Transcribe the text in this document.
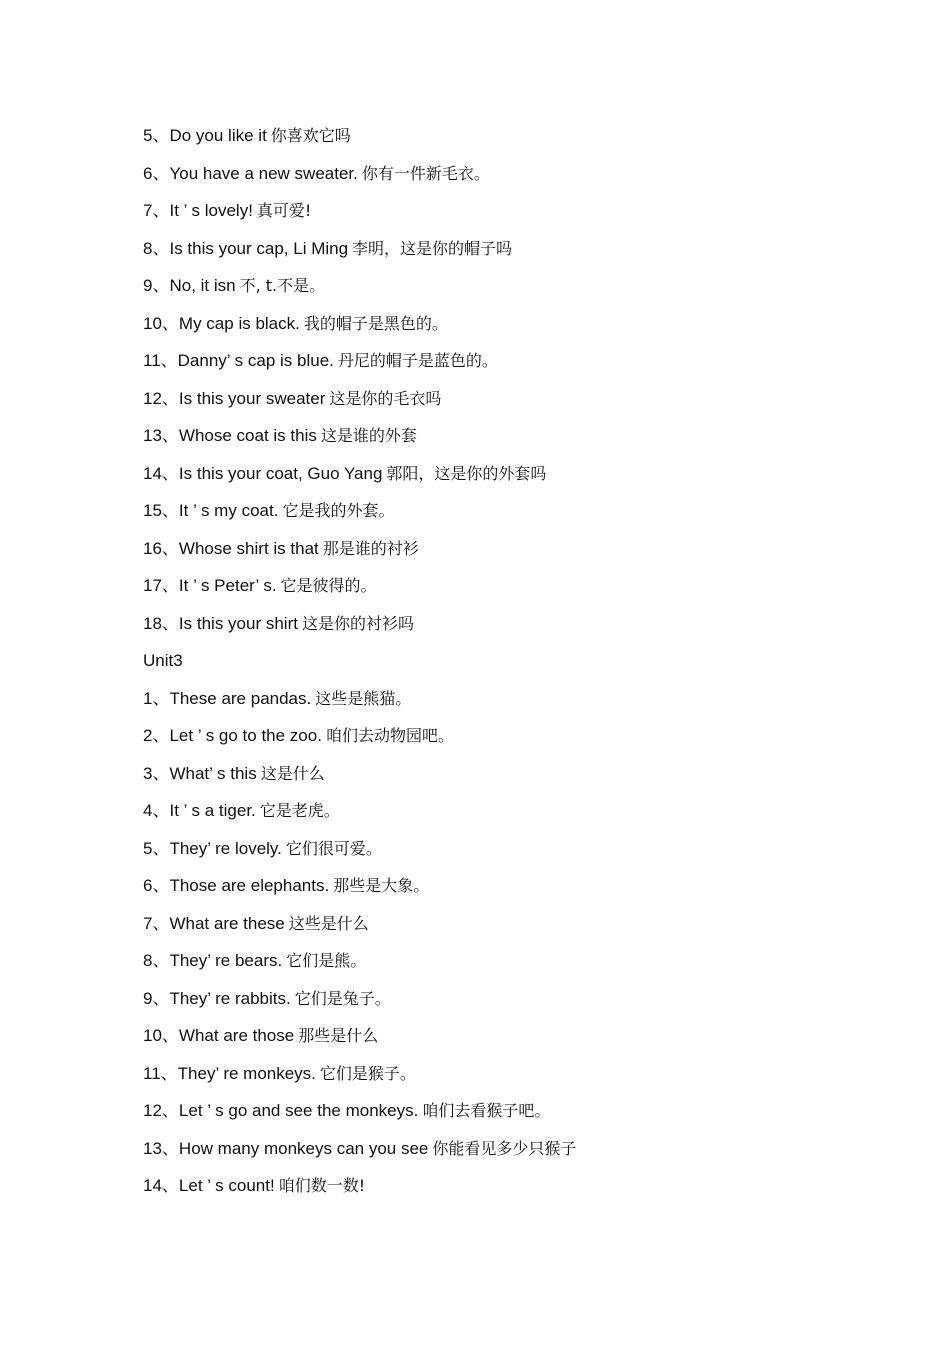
5、Do you like it 你喜欢它吗
6、You have a new sweater. 你有一件新毛衣。
7、It ’ s lovely! 真可爱!
8、Is this your cap, Li Ming 李明，这是你的帽子吗
9、No, it isn 不, t.不是。
10、My cap is black. 我的帽子是黑色的。
11、Danny’ s cap is blue. 丹尼的帽子是蓝色的。
12、Is this your sweater 这是你的毛衣吗
13、Whose coat is this 这是谁的外套
14、Is this your coat, Guo Yang 郭阳，这是你的外套吗
15、It ’ s my coat. 它是我的外套。
16、Whose shirt is that 那是谁的衬衫
17、It ’ s Peter’ s. 它是彼得的。
18、Is this your shirt 这是你的衬衫吗
Unit3
1、These are pandas. 这些是熊猫。
2、Let ’ s go to the zoo. 咱们去动物园吧。
3、What’ s this 这是什么
4、It ’ s a tiger. 它是老虎。
5、They’ re lovely. 它们很可爱。
6、Those are elephants. 那些是大象。
7、What are these 这些是什么
8、They’ re bears. 它们是熊。
9、They’ re rabbits. 它们是兔子。
10、What are those 那些是什么
11、They’ re monkeys. 它们是猴子。
12、Let ’ s go and see the monkeys. 咱们去看猴子吧。
13、How many monkeys can you see 你能看见多少只猴子
14、Let ’ s count! 咱们数一数!
